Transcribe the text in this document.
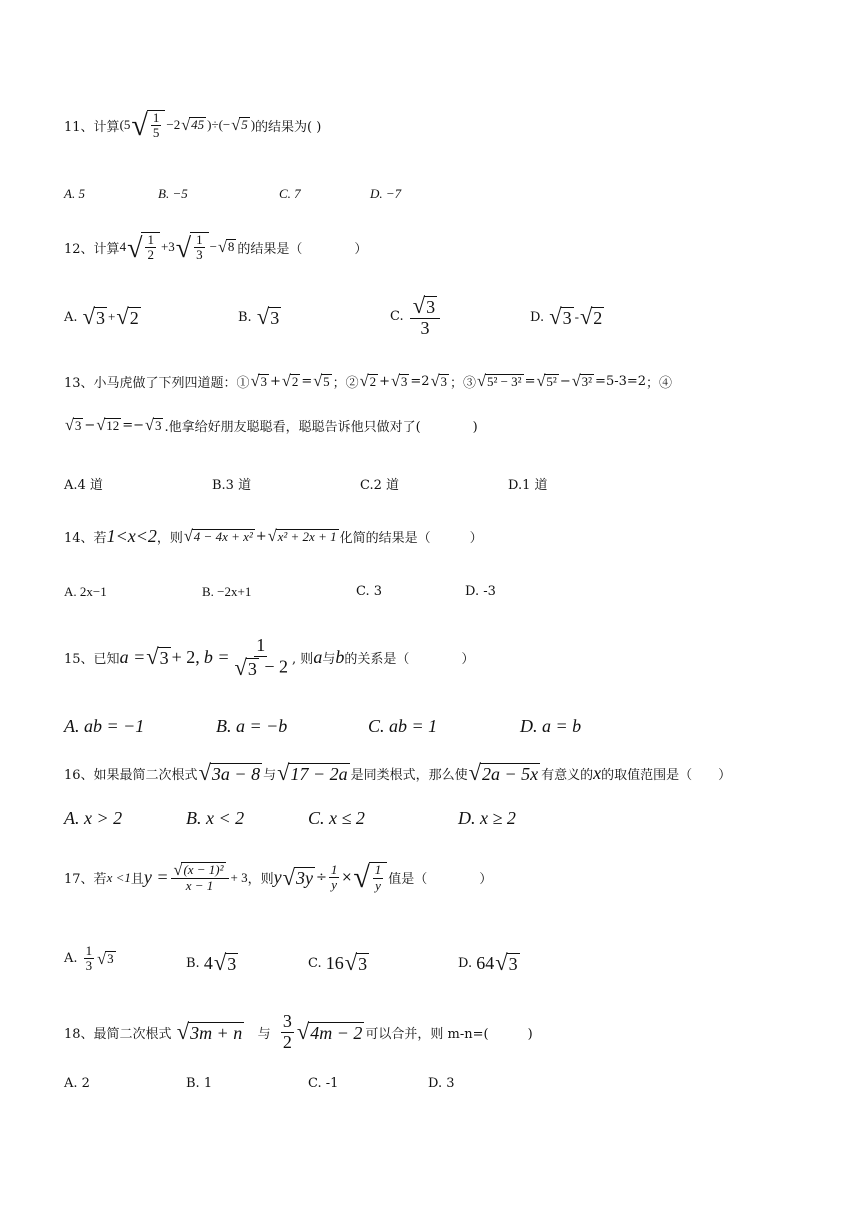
11、 计算 (5 √ $\frac{1}{5} -2$ √ 45 )÷(− √ 5 ) 的结果为( )
A. 5	B. −5	C. 7	D. −7
12、 计算 4 √ $\frac{1}{2} +3$ √ $\frac{1}{3}$ − √ 8 的结果是（　　　　）
A.
√ 3 + √ 2	B.
√ 3	C.
$\frac{√ 3}{3}$	D.
√ 3 - √ 2
13、 小马虎做了下列四道题：① √ 3 + √ 2 = √ 5 ；② √ 2 + √ 3 =2 √ 3 ；③ √ 5² − 3² = √ 5² − √ 3² =5-3=2 ；④
√ 3 − √ 12 =− √ 3 .他拿给好朋友聪聪看，聪聪告诉他只做对了(　　　　)
A.4 道	B.3 道	C.2 道	D.1 道
14、 若 1<x<2 ，则 √ 4 − 4x + x² + √ x² + 2x + 1 化简的结果是（　　　）
A. 2x−1	B. −2x+1	C. 3	D. -3
15、 已知 a = √ 3 + 2,
$b = \frac{1}{√ 3 - 2}$ , 则 a 与 b 的关系是（　　　　）
A. ab = −1	B. a = −b	C. ab = 1	D. a = b
16、 如果最简二次根式 √ 3a − 8 与 √ 17 − 2a 是同类根式，那么使 √ 2a − 5x 有意义的 x 的取值范围是（　　）
A. x > 2	B. x < 2	C. x ≤ 2	D. x ≥ 2
17、 若 x <1 且 $y = \frac{\text{√ (x − 1)²}}{x - 1} + 3$ ，则 y √ $3y \div \frac{1}{y}$ × √ $\frac{1}{y}$ 值是（　　　　）
A.
$\frac{1}{3}$ √ 3	B.
4 √ 3	C.
16 √ 3	D.
64 √ 3
18、 最简二次根式
√ 3m + n
与
$\frac{3}{2}$ √ 4m − 2 可以合并，则 m-n=(　　　)
A. 2	B. 1	C. -1	D. 3
